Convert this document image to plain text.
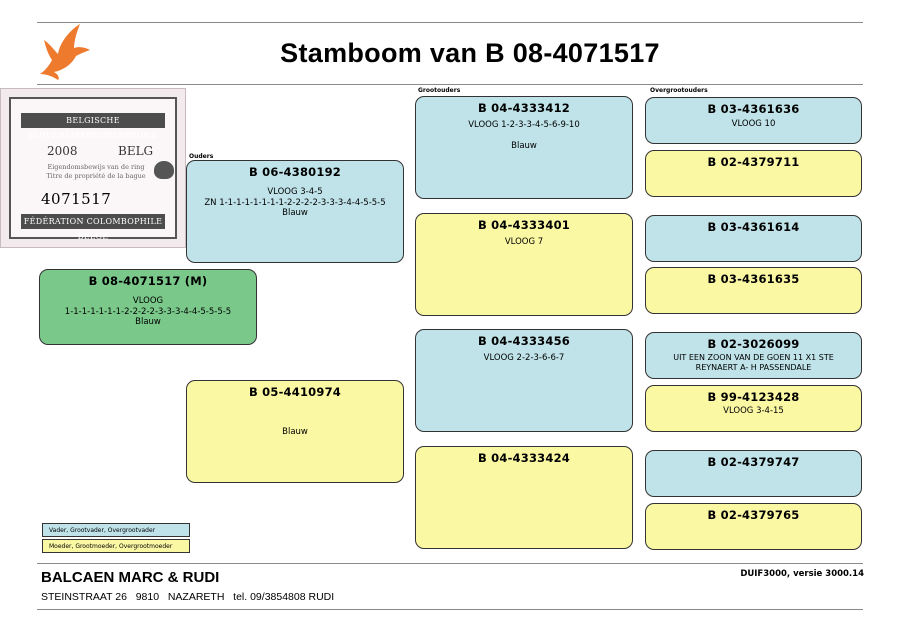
Stamboom van B 08-4071517
BELGISCHE DUIVENLIEFHEBBERSBOND
2008	BELG
Eigendomsbewijs van de ring
Titre de propriété de la bague
4071517
FÉDÉRATION COLOMBOPHILE BELGE
Ouders
Grootouders	Overgrootouders
B 08-4071517 (M)
VLOOG
1-1-1-1-1-1-1-2-2-2-2-3-3-3-4-4-5-5-5-5
Blauw
B 06-4380192
VLOOG 3-4-5
ZN 1-1-1-1-1-1-1-1-2-2-2-2-3-3-3-4-4-5-5-5
Blauw
B 05-4410974
Blauw
B 04-4333412
VLOOG 1-2-3-3-4-5-6-9-10
Blauw
B 04-4333401
VLOOG 7
B 04-4333456
VLOOG 2-2-3-6-6-7
B 04-4333424
B 03-4361636
VLOOG 10
B 02-4379711
B 03-4361614
B 03-4361635
B 02-3026099
UIT EEN ZOON VAN DE GOEN 11 X1 STE
REYNAERT A- H PASSENDALE
B 99-4123428
VLOOG 3-4-15
B 02-4379747
B 02-4379765
Vader, Grootvader, Overgrootvader
Moeder, Grootmoeder, Overgrootmoeder
BALCAEN MARC & RUDI	DUIF3000, versie 3000.14
STEINSTRAAT 26   9810   NAZARETH   tel. 09/3854808 RUDI
